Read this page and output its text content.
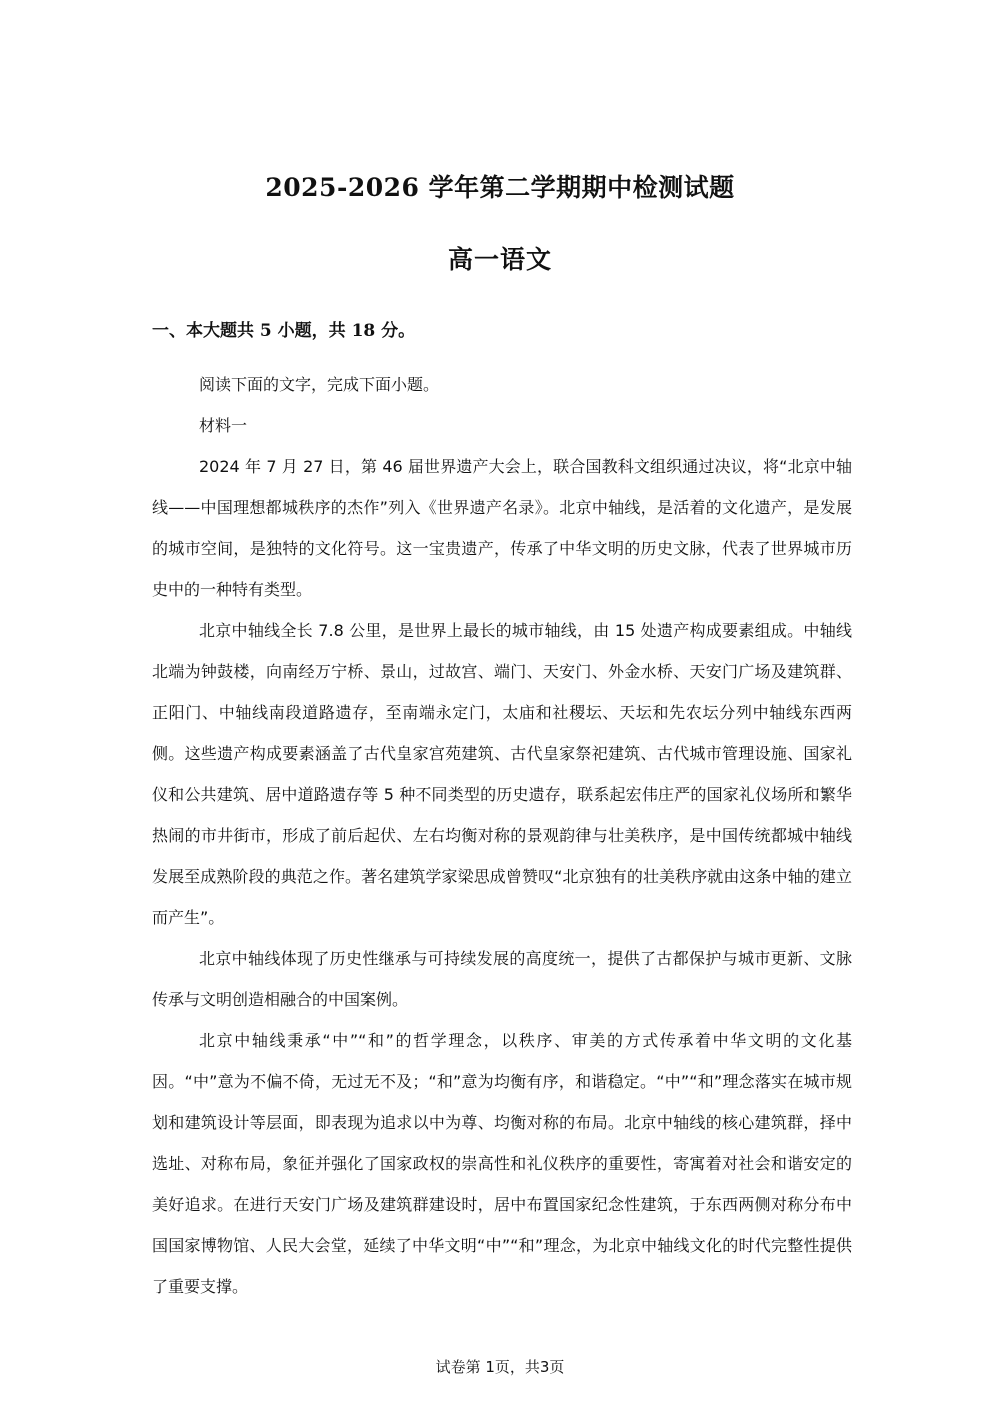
2025-2026 学年第二学期期中检测试题
高一语文
一、本大题共 5 小题，共 18 分。

阅读下面的文字，完成下面小题。

材料一

2024 年 7 月 27 日，第 46 届世界遗产大会上，联合国教科文组织通过决议，将“北京中轴线——中国理想都城秩序的杰作”列入《世界遗产名录》。北京中轴线，是活着的文化遗产，是发展的城市空间，是独特的文化符号。这一宝贵遗产，传承了中华文明的历史文脉，代表了世界城市历史中的一种特有类型。

北京中轴线全长 7.8 公里，是世界上最长的城市轴线，由 15 处遗产构成要素组成。中轴线北端为钟鼓楼，向南经万宁桥、景山，过故宫、端门、天安门、外金水桥、天安门广场及建筑群、正阳门、中轴线南段道路遗存，至南端永定门，太庙和社稷坛、天坛和先农坛分列中轴线东西两侧。这些遗产构成要素涵盖了古代皇家宫苑建筑、古代皇家祭祀建筑、古代城市管理设施、国家礼仪和公共建筑、居中道路遗存等 5 种不同类型的历史遗存，联系起宏伟庄严的国家礼仪场所和繁华热闹的市井街市，形成了前后起伏、左右均衡对称的景观韵律与壮美秩序，是中国传统都城中轴线发展至成熟阶段的典范之作。著名建筑学家梁思成曾赞叹“北京独有的壮美秩序就由这条中轴的建立而产生”。

北京中轴线体现了历史性继承与可持续发展的高度统一，提供了古都保护与城市更新、文脉传承与文明创造相融合的中国案例。

北京中轴线秉承“中”“和”的哲学理念，以秩序、审美的方式传承着中华文明的文化基因。“中”意为不偏不倚，无过无不及；“和”意为均衡有序，和谐稳定。“中”“和”理念落实在城市规划和建筑设计等层面，即表现为追求以中为尊、均衡对称的布局。北京中轴线的核心建筑群，择中选址、对称布局，象征并强化了国家政权的崇高性和礼仪秩序的重要性，寄寓着对社会和谐安定的美好追求。在进行天安门广场及建筑群建设时，居中布置国家纪念性建筑，于东西两侧对称分布中国国家博物馆、人民大会堂，延续了中华文明“中”“和”理念，为北京中轴线文化的时代完整性提供了重要支撑。

试卷第 1页，共3页
